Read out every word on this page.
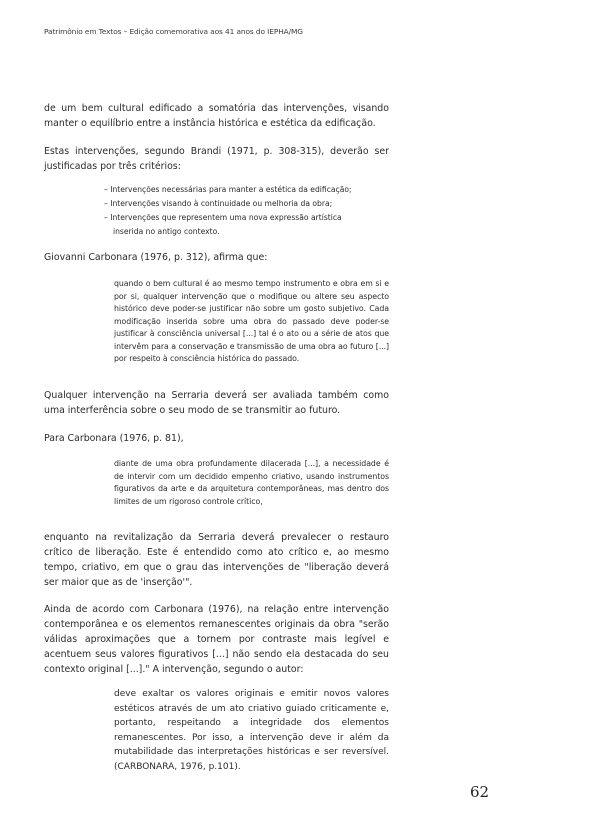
Patrimônio em Textos – Edição comemorativa aos 41 anos do IEPHA/MG
de um bem cultural edificado a somatória das intervenções, visando manter o equilíbrio entre a instância histórica e estética da edificação.
Estas intervenções, segundo Brandi (1971, p. 308-315), deverão ser justificadas por três critérios:
– Intervenções necessárias para manter a estética da edificação;
– Intervenções visando à continuidade ou melhoria da obra;
– Intervenções que representem uma nova expressão artística
inserida no antigo contexto.
Giovanni Carbonara (1976, p. 312), afirma que:
quando o bem cultural é ao mesmo tempo instrumento e obra em si e por si, qualquer intervenção que o modifique ou altere seu aspecto histórico deve poder-se justificar não sobre um gosto subjetivo. Cada modificação inserida sobre uma obra do passado deve poder-se justificar à consciência universal [...] tal é o ato ou a série de atos que intervêm para a conservação e transmissão de uma obra ao futuro [...] por respeito à consciência histórica do passado.
Qualquer intervenção na Serraria deverá ser avaliada também como uma interferência sobre o seu modo de se transmitir ao futuro.
Para Carbonara (1976, p. 81),
diante de uma obra profundamente dilacerada [...], a necessidade é de intervir com um decidido empenho criativo, usando instrumentos figurativos da arte e da arquitetura contemporâneas, mas dentro dos limites de um rigoroso controle crítico,
enquanto na revitalização da Serraria deverá prevalecer o restauro crítico de liberação. Este é entendido como ato crítico e, ao mesmo tempo, criativo, em que o grau das intervenções de "liberação deverá ser maior que as de 'inserção'".
Ainda de acordo com Carbonara (1976), na relação entre intervenção contemporânea e os elementos remanescentes originais da obra "serão válidas aproximações que a tornem por contraste mais legível e acentuem seus valores figurativos [...] não sendo ela destacada do seu contexto original [...]." A intervenção, segundo o autor:
deve exaltar os valores originais e emitir novos valores estéticos através de um ato criativo guiado criticamente e, portanto, respeitando a integridade dos elementos remanescentes. Por isso, a intervenção deve ir além da mutabilidade das interpretações históricas e ser reversível. (CARBONARA, 1976, p.101).
62
